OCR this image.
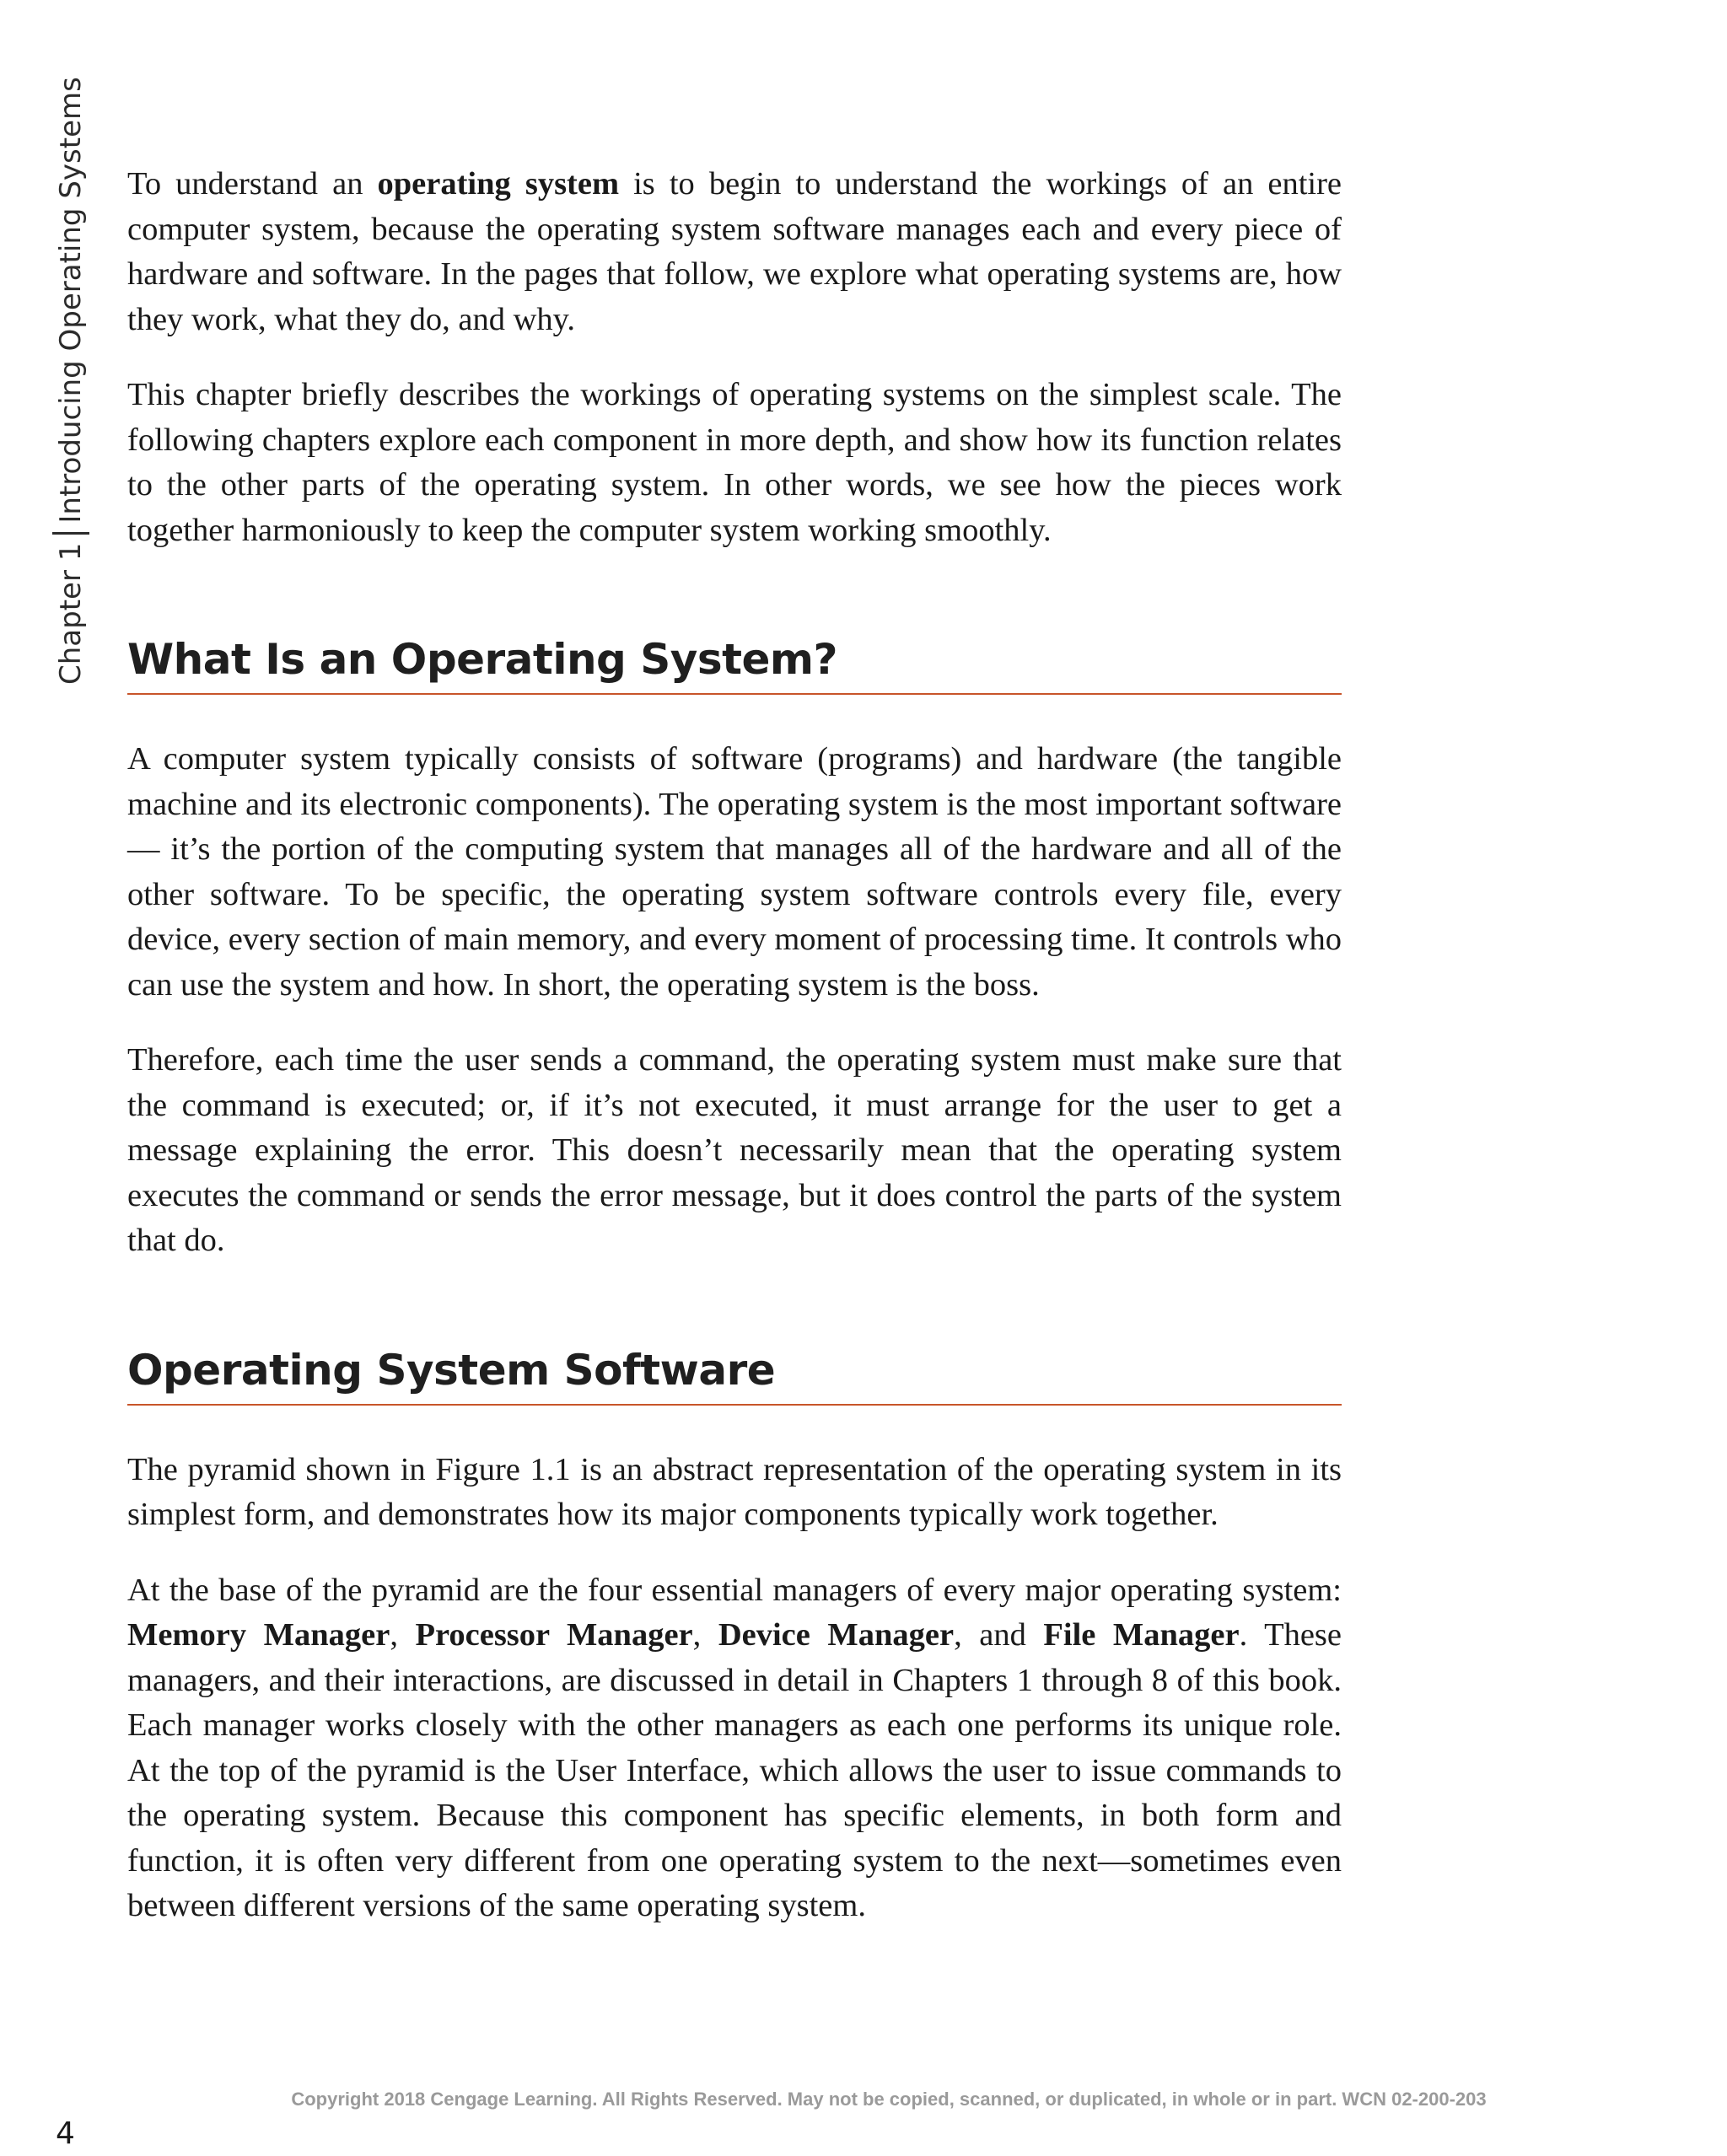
Chapter 1
Introducing Operating Systems To understand an operating system is to begin to understand the workings of an entire computer system, because the operating system software manages each and every piece of hardware and software. In the pages that follow, we explore what operating systems are, how they work, what they do, and why.

This chapter briefly describes the workings of operating systems on the simplest scale. The following chapters explore each component in more depth, and show how its function relates to the other parts of the operating system. In other words, we see how the pieces work together harmoniously to keep the computer system working smoothly.

What Is an Operating System?

A computer system typically consists of software (programs) and hardware (the tangible machine and its electronic components). The operating system is the most important software— it’s the portion of the computing system that manages all of the hardware and all of the other software. To be specific, the operating system software controls every file, every device, every section of main memory, and every moment of processing time. It controls who can use the system and how. In short, the operating system is the boss.

Therefore, each time the user sends a command, the operating system must make sure that the command is executed; or, if it’s not executed, it must arrange for the user to get a message explaining the error. This doesn’t necessarily mean that the operating system executes the command or sends the error message, but it does control the parts of the system that do.

Operating System Software

The pyramid shown in Figure 1.1 is an abstract representation of the operating system in its simplest form, and demonstrates how its major components typically work together.

At the base of the pyramid are the four essential managers of every major operating system: Memory Manager, Processor Manager, Device Manager, and File Manager. These managers, and their interactions, are discussed in detail in Chapters 1 through 8 of this book. Each manager works closely with the other managers as each one performs its unique role. At the top of the pyramid is the User Interface, which allows the user to issue commands to the operating system. Because this component has specific elements, in both form and function, it is often very different from one operating system to the next—sometimes even between different versions of the same operating system.

Copyright 2018 Cengage Learning. All Rights Reserved. May not be copied, scanned, or duplicated, in whole or in part. WCN 02-200-203
4
